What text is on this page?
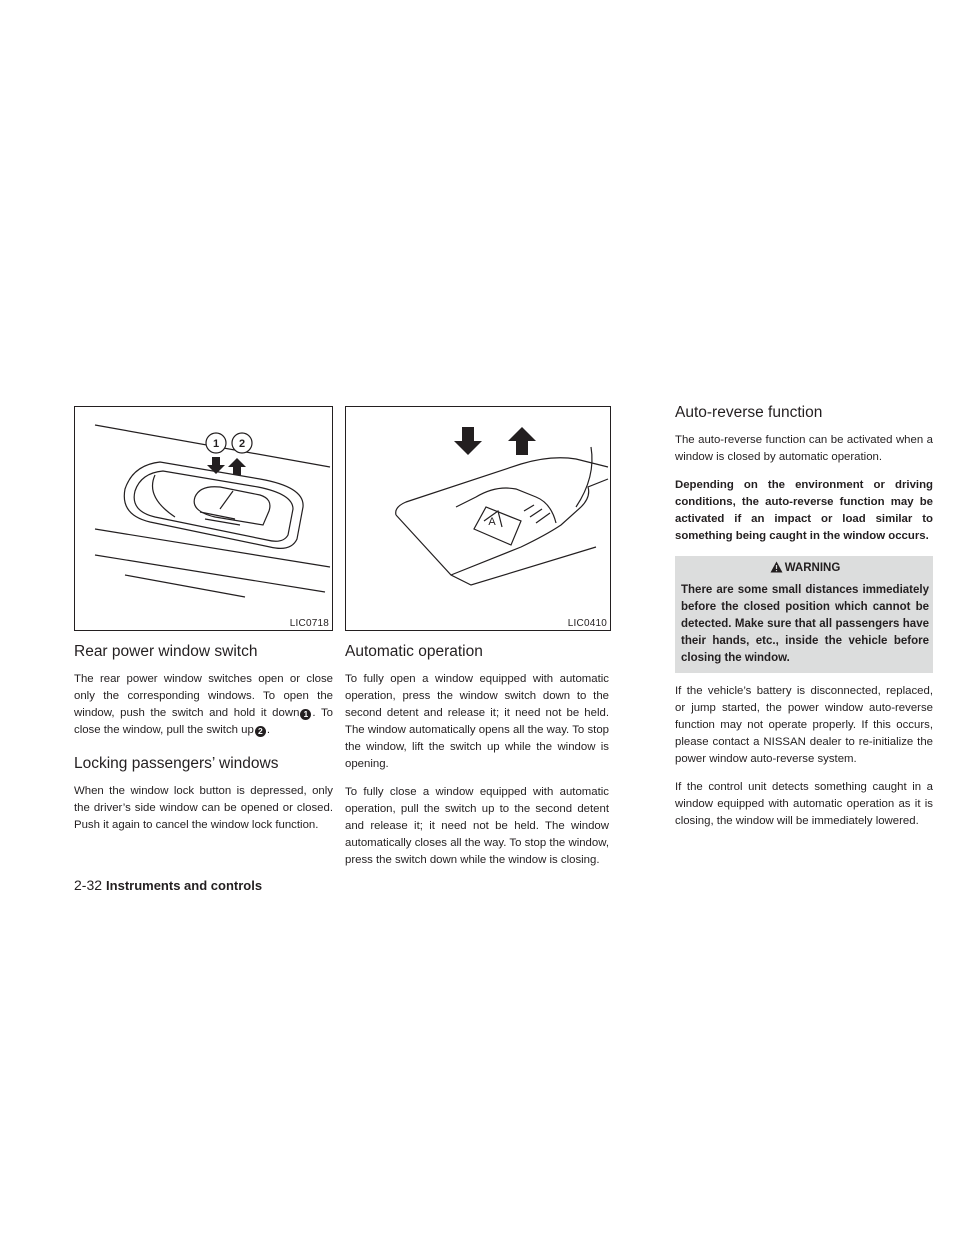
1 2
LIC0718
Rear power window switch

The rear power window switches open or close only the corresponding windows. To open the window, push the switch and hold it down 1 . To close the window, pull the switch up 2 .

Locking passengers’ windows

When the window lock button is depressed, only the driver’s side window can be opened or closed. Push it again to cancel the window lock function.

A
LIC0410
Automatic operation

To fully open a window equipped with automatic operation, press the window switch down to the second detent and release it; it need not be held. The window automatically opens all the way. To stop the window, lift the switch up while the window is opening.

To fully close a window equipped with automatic operation, pull the switch up to the second detent and release it; it need not be held. The window automatically closes all the way. To stop the window, press the switch down while the window is closing.

Auto-reverse function

The auto-reverse function can be activated when a window is closed by automatic operation.

Depending on the environment or driving conditions, the auto-reverse function may be activated if an impact or load similar to something being caught in the window occurs.

WARNING

There are some small distances immediately before the closed position which cannot be detected. Make sure that all passengers have their hands, etc., inside the vehicle before closing the window.

If the vehicle’s battery is disconnected, replaced, or jump started, the power window auto-reverse function may not operate properly. If this occurs, please contact a NISSAN dealer to re-initialize the power window auto-reverse system.

If the control unit detects something caught in a window equipped with automatic operation as it is closing, the window will be immediately lowered.

2-32 Instruments and controls
